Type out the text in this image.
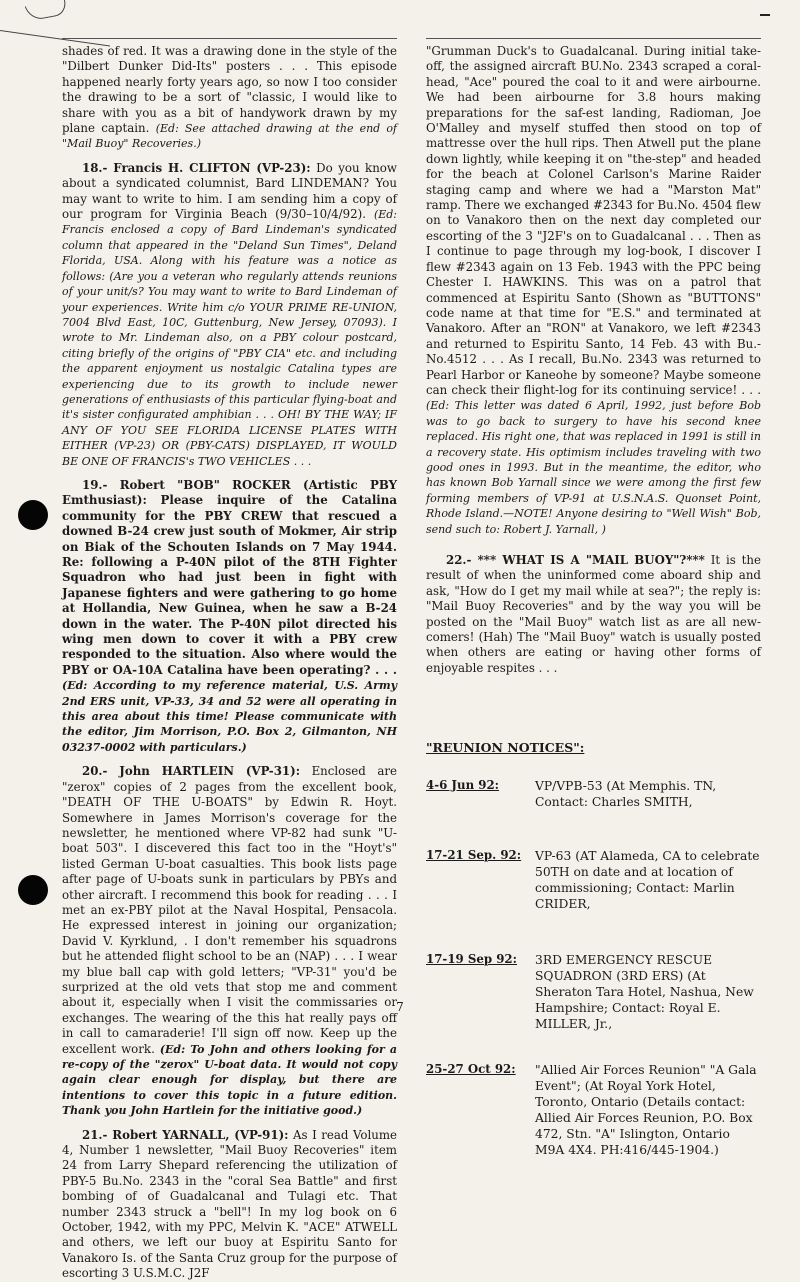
shades of red. It was a drawing done in the style of the "Dilbert Dunker Did-Its" posters . . . This episode happened nearly forty years ago, so now I too consider the drawing to be a sort of "classic, I would like to share with you as a bit of handywork drawn by my plane captain. (Ed: See attached drawing at the end of "Mail Buoy" Recoveries.)

18.- Francis H. CLIFTON (VP-23): Do you know about a syndicated columnist, Bard LINDEMAN? You may want to write to him. I am sending him a copy of our program for Virginia Beach (9/30–10/4/92). (Ed: Francis enclosed a copy of Bard Lindeman's syndicated column that appeared in the "Deland Sun Times", Deland Florida, USA. Along with his feature was a notice as follows: (Are you a veteran who regularly attends reunions of your unit/s? You may want to write to Bard Lindeman of your experiences. Write him c/o YOUR PRIME RE-UNION, 7004 Blvd East, 10C, Guttenburg, New Jersey, 07093). I wrote to Mr. Lindeman also, on a PBY colour postcard, citing briefly of the origins of "PBY CIA" etc. and including the apparent enjoyment us nostalgic Catalina types are experiencing due to its growth to include newer generations of enthusiasts of this particular flying-boat and it's sister configurated amphibian . . . OH! BY THE WAY; IF ANY OF YOU SEE FLORIDA LICENSE PLATES WITH EITHER (VP-23) OR (PBY-CATS) DISPLAYED, IT WOULD BE ONE OF FRANCIS's TWO VEHICLES . . .

19.- Robert "BOB" ROCKER (Artistic PBY Emthusiast): Please inquire of the Catalina community for the PBY CREW that rescued a downed B-24 crew just south of Mokmer, Air strip on Biak of the Schouten Islands on 7 May 1944. Re: following a P-40N pilot of the 8TH Fighter Squadron who had just been in fight with Japanese fighters and were gathering to go home at Hollandia, New Guinea, when he saw a B-24 down in the water. The P-40N pilot directed his wing men down to cover it with a PBY crew responded to the situation. Also where would the PBY or OA-10A Catalina have been operating? . . . (Ed: According to my reference material, U.S. Army 2nd ERS unit, VP-33, 34 and 52 were all operating in this area about this time! Please communicate with the editor, Jim Morrison, P.O. Box 2, Gilmanton, NH 03237-0002 with particulars.)

20.- John HARTLEIN (VP-31): Enclosed are "zerox" copies of 2 pages from the excellent book, "DEATH OF THE U-BOATS" by Edwin R. Hoyt. Somewhere in James Morrison's coverage for the newsletter, he mentioned where VP-82 had sunk "U-boat 503". I discevered this fact too in the "Hoyt's" listed German U-boat casualties. This book lists page after page of U-boats sunk in particulars by PBYs and other aircraft. I recommend this book for reading . . . I met an ex-PBY pilot at the Naval Hospital, Pensacola. He expressed interest in joining our organization; David V. Kyrklund, . I don't remember his squadrons but he attended flight school to be an (NAP) . . . I wear my blue ball cap with gold letters; "VP-31" you'd be surprized at the old vets that stop me and comment about it, especially when I visit the commissaries or exchanges. The wearing of the this hat really pays off in call to camaraderie! I'll sign off now. Keep up the excellent work. (Ed: To John and others looking for a re-copy of the "zerox" U-boat data. It would not copy again clear enough for display, but there are intentions to cover this topic in a future edition. Thank you John Hartlein for the initiative good.)

21.- Robert YARNALL, (VP-91): As I read Volume 4, Number 1 newsletter, "Mail Buoy Recoveries" item 24 from Larry Shepard referencing the utilization of PBY-5 Bu.No. 2343 in the "coral Sea Battle" and first bombing of of Guadalcanal and Tulagi etc. That number 2343 struck a "bell"! In my log book on 6 October, 1942, with my PPC, Melvin K. "ACE" ATWELL and others, we left our buoy at Espiritu Santo for Vanakoro Is. of the Santa Cruz group for the purpose of escorting 3 U.S.M.C. J2F

"Grumman Duck's to Guadalcanal. During initial take-off, the assigned aircraft BU.No. 2343 scraped a coral-head, "Ace" poured the coal to it and were airbourne. We had been airbourne for 3.8 hours making preparations for the saf-est landing, Radioman, Joe O'Malley and myself stuffed then stood on top of mattresse over the hull rips. Then Atwell put the plane down lightly, while keeping it on "the-step" and headed for the beach at Colonel Carlson's Marine Raider staging camp and where we had a "Marston Mat" ramp. There we exchanged #2343 for Bu.No. 4504 flew on to Vanakoro then on the next day completed our escorting of the 3 "J2F's on to Guadalcanal . . . Then as I continue to page through my log-book, I discover I flew #2343 again on 13 Feb. 1943 with the PPC being Chester I. HAWKINS. This was on a patrol that commenced at Espiritu Santo (Shown as "BUTTONS" code name at that time for "E.S." and terminated at Vanakoro. After an "RON" at Vanakoro, we left #2343 and returned to Espiritu Santo, 14 Feb. 43 with Bu.-No.4512 . . . As I recall, Bu.No. 2343 was returned to Pearl Harbor or Kaneohe by someone? Maybe someone can check their flight-log for its continuing service! . . . (Ed: This letter was dated 6 April, 1992, just before Bob was to go back to surgery to have his second knee replaced. His right one, that was replaced in 1991 is still in a recovery state. His optimism includes traveling with two good ones in 1993. But in the meantime, the editor, who has known Bob Yarnall since we were among the first few forming members of VP-91 at U.S.N.A.S. Quonset Point, Rhode Island.—NOTE! Anyone desiring to "Well Wish" Bob, send such to: Robert J. Yarnall, )

22.- *** WHAT IS A "MAIL BUOY"?*** It is the result of when the uninformed come aboard ship and ask, "How do I get my mail while at sea?"; the reply is: "Mail Buoy Recoveries" and by the way you will be posted on the "Mail Buoy" watch list as are all new-comers! (Hah) The "Mail Buoy" watch is usually posted when others are eating or having other forms of enjoyable respites . . .

"REUNION NOTICES":
4-6 Jun 92:	VP/VPB-53 (At Memphis. TN, Contact: Charles SMITH,
17-21 Sep. 92:	VP-63 (AT Alameda, CA to celebrate 50TH on date and at location of commissioning; Contact: Marlin CRIDER,
17-19 Sep 92:	3RD EMERGENCY RESCUE SQUADRON (3RD ERS) (At Sheraton Tara Hotel, Nashua, New Hampshire; Contact: Royal E. MILLER, Jr.,
25-27 Oct 92:	"Allied Air Forces Reunion" "A Gala Event"; (At Royal York Hotel, Toronto, Ontario (Details contact: Allied Air Forces Reunion, P.O. Box 472, Stn. "A" Islington, Ontario M9A 4X4. PH:416/445-1904.)
7
